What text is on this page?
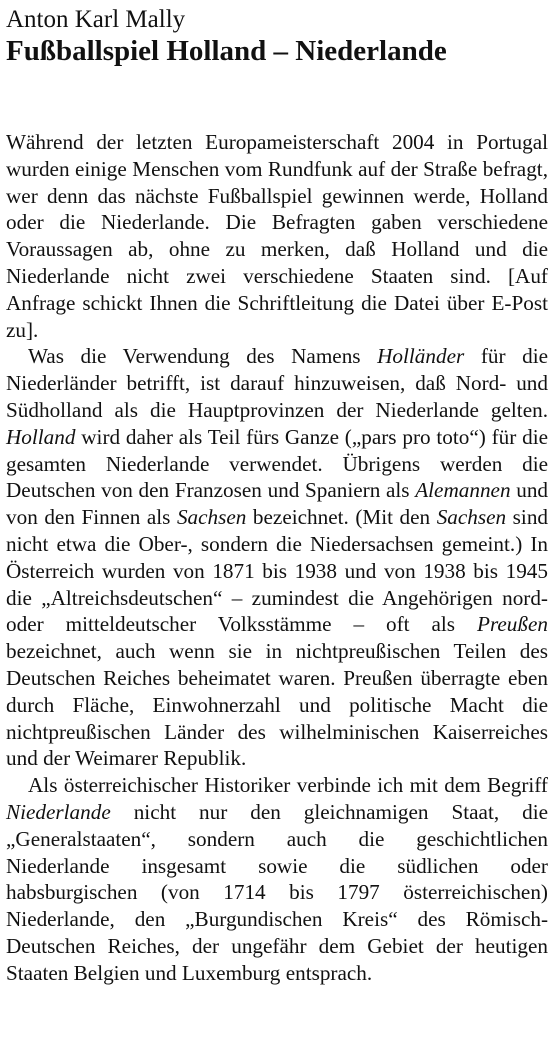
Anton Karl Mally
Fußballspiel Holland – Niederlande

Während der letzten Europameisterschaft 2004 in Portugal wurden einige Menschen vom Rundfunk auf der Straße befragt, wer denn das nächste Fußballspiel gewinnen werde, Holland oder die Niederlande. Die Befragten gaben verschiedene Voraussagen ab, ohne zu merken, daß Holland und die Niederlande nicht zwei verschiedene Staaten sind. [Auf Anfrage schickt Ihnen die Schriftleitung die Datei über E-Post zu].

Was die Verwendung des Namens Holländer für die Niederländer betrifft, ist darauf hinzuweisen, daß Nord- und Südholland als die Hauptprovinzen der Niederlande gelten. Holland wird daher als Teil fürs Ganze („pars pro toto“) für die gesamten Niederlande verwendet. Übrigens werden die Deutschen von den Franzosen und Spaniern als Alemannen und von den Finnen als Sachsen bezeichnet. (Mit den Sachsen sind nicht etwa die Ober-, sondern die Niedersachsen gemeint.) In Österreich wurden von 1871 bis 1938 und von 1938 bis 1945 die „Altreichsdeutschen“ – zumindest die Angehörigen nord- oder mitteldeutscher Volksstämme – oft als Preußen bezeichnet, auch wenn sie in nichtpreußischen Teilen des Deutschen Reiches beheimatet waren. Preußen überragte eben durch Fläche, Einwohnerzahl und politische Macht die nichtpreußischen Länder des wilhelminischen Kaiserreiches und der Weimarer Republik.

Als österreichischer Historiker verbinde ich mit dem Begriff Niederlande nicht nur den gleichnamigen Staat, die „Generalstaaten“, sondern auch die geschichtlichen Niederlande insgesamt sowie die südlichen oder habsburgischen (von 1714 bis 1797 österreichischen) Niederlande, den „Burgundischen Kreis“ des Römisch-Deutschen Reiches, der ungefähr dem Gebiet der heutigen Staaten Belgien und Luxemburg entsprach.
